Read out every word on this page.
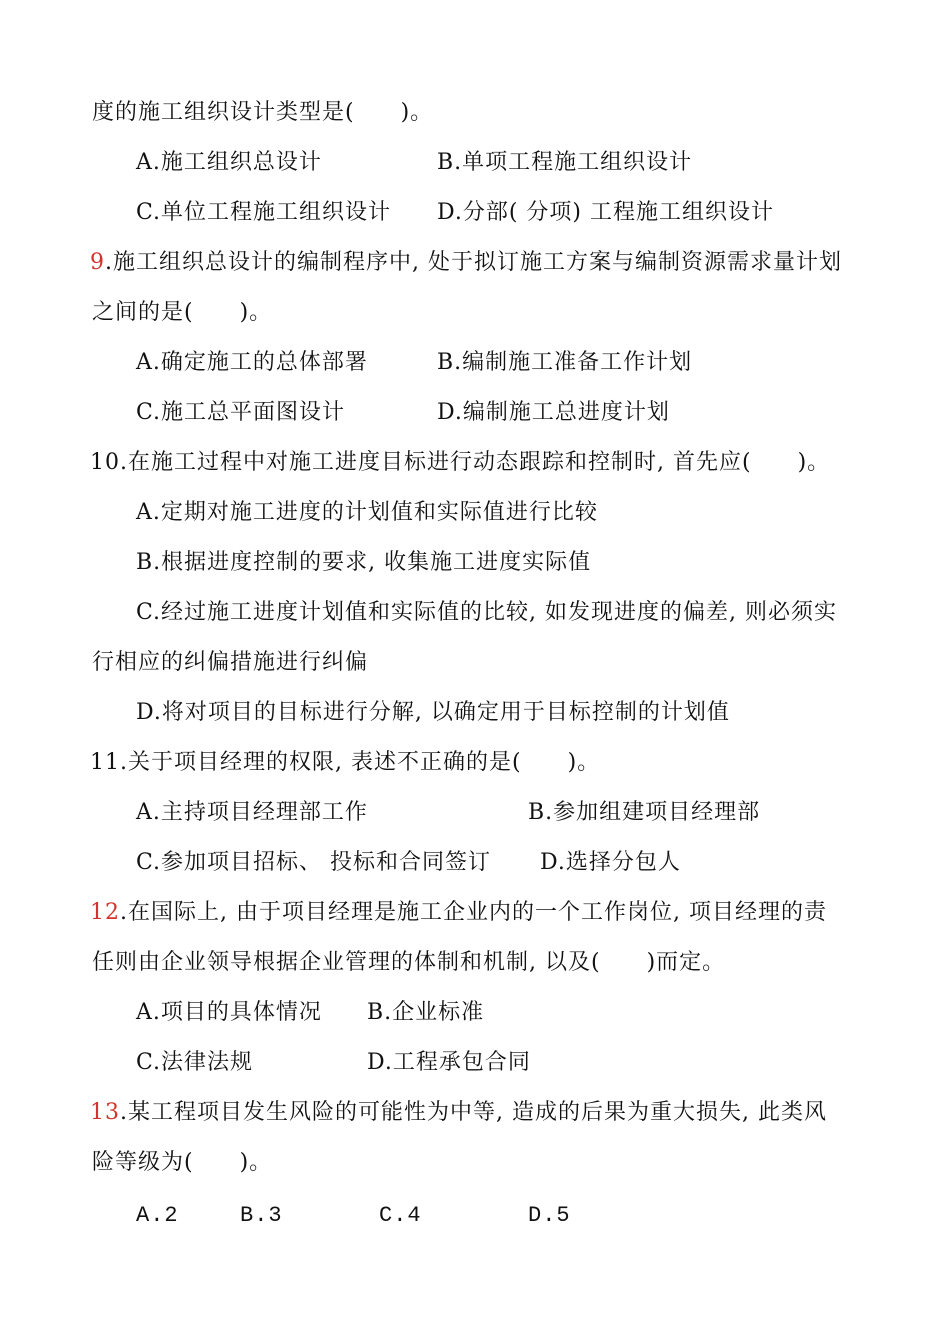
度的施工组织设计类型是(　　)。
A.施工组织总设计	B.单项工程施工组织设计
C.单位工程施工组织设计 D.分部( 分项) 工程施工组织设计
9.施工组织总设计的编制程序中, 处于拟订施工方案与编制资源需求量计划
之间的是(　　)。
A.确定施工的总体部署	B.编制施工准备工作计划
C.施工总平面图设计	D.编制施工总进度计划
10.在施工过程中对施工进度目标进行动态跟踪和控制时, 首先应(　　)。
A.定期对施工进度的计划值和实际值进行比较
B.根据进度控制的要求, 收集施工进度实际值
C.经过施工进度计划值和实际值的比较, 如发现进度的偏差, 则必须实
行相应的纠偏措施进行纠偏
D.将对项目的目标进行分解, 以确定用于目标控制的计划值
11.关于项目经理的权限, 表述不正确的是(　　)。
A.主持项目经理部工作	B.参加组建项目经理部
C.参加项目招标、 投标和合同签订 D.选择分包人
12.在国际上, 由于项目经理是施工企业内的一个工作岗位, 项目经理的责
任则由企业领导根据企业管理的体制和机制, 以及(　　)而定。
A.项目的具体情况 B.企业标准
C.法律法规	D.工程承包合同
13.某工程项目发生风险的可能性为中等, 造成的后果为重大损失, 此类风
险等级为(　　)。
A.2	B.3	C.4	D.5
